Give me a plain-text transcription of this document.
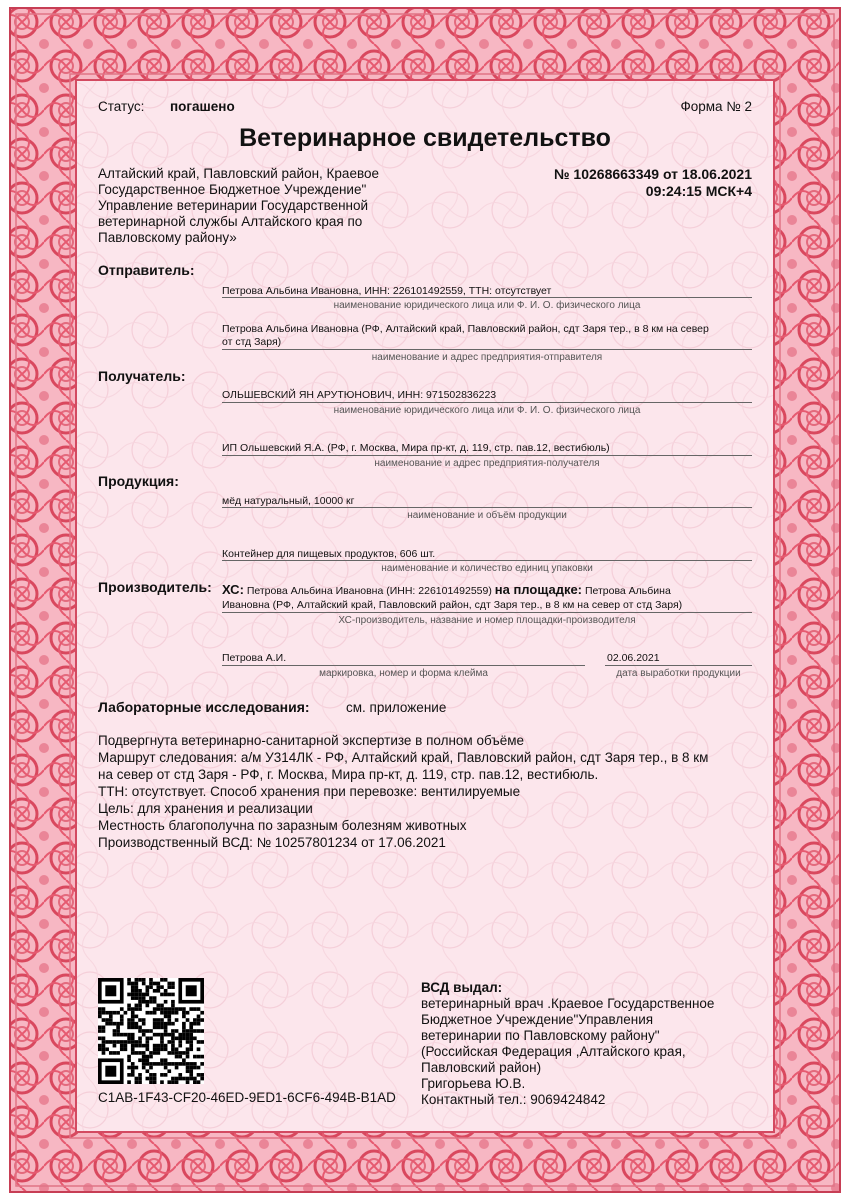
Статус: погашено	Форма № 2
Ветеринарное свидетельство
Алтайский край, Павловский район, Краевое
Государственное Бюджетное Учреждение"
Управление ветеринарии Государственной
ветеринарной службы Алтайского края по
Павловскому району»
№ 10268663349 от 18.06.2021
09:24:15 МСК+4
Отправитель:
Петрова Альбина Ивановна, ИНН: 226101492559, ТТН: отсутствует
наименование юридического лица или Ф. И. О. физического лица
Петрова Альбина Ивановна (РФ, Алтайский край, Павловский район, сдт Заря тер., в 8 км на север
от стд Заря)
наименование и адрес предприятия-отправителя
Получатель:
ОЛЬШЕВСКИЙ ЯН АРУТЮНОВИЧ, ИНН: 971502836223
наименование юридического лица или Ф. И. О. физического лица
ИП Ольшевский Я.А. (РФ, г. Москва, Мира пр-кт, д. 119, стр. пав.12, вестибюль)
наименование и адрес предприятия-получателя
Продукция:
мёд натуральный, 10000 кг
наименование и объём продукции
Контейнер для пищевых продуктов, 606 шт.
наименование и количество единиц упаковки
Производитель: ХС: Петрова Альбина Ивановна (ИНН: 226101492559) на площадке: Петрова Альбина
Ивановна (РФ, Алтайский край, Павловский район, сдт Заря тер., в 8 км на север от стд Заря)
ХС-производитель, название и номер площадки-производителя
Петрова А.И.
маркировка, номер и форма клейма
02.06.2021
дата выработки продукции
Лабораторные исследования:	см. приложение
Подвергнута ветеринарно-санитарной экспертизе в полном объёме
Маршрут следования: а/м У314ЛК - РФ, Алтайский край, Павловский район, сдт Заря тер., в 8 км
на север от стд Заря - РФ, г. Москва, Мира пр-кт, д. 119, стр. пав.12, вестибюль.
ТТН: отсутствует. Способ хранения при перевозке: вентилируемые
Цель: для хранения и реализации
Местность благополучна по заразным болезням животных
Производственный ВСД: № 10257801234 от 17.06.2021
C1AB-1F43-CF20-46ED-9ED1-6CF6-494B-B1AD
ВСД выдал:
ветеринарный врач .Краевое Государственное
Бюджетное Учреждение"Управления
ветеринарии по Павловскому району"
(Российская Федерация ,Алтайского края,
Павловский район)
Григорьева Ю.В.
Контактный тел.: 9069424842
